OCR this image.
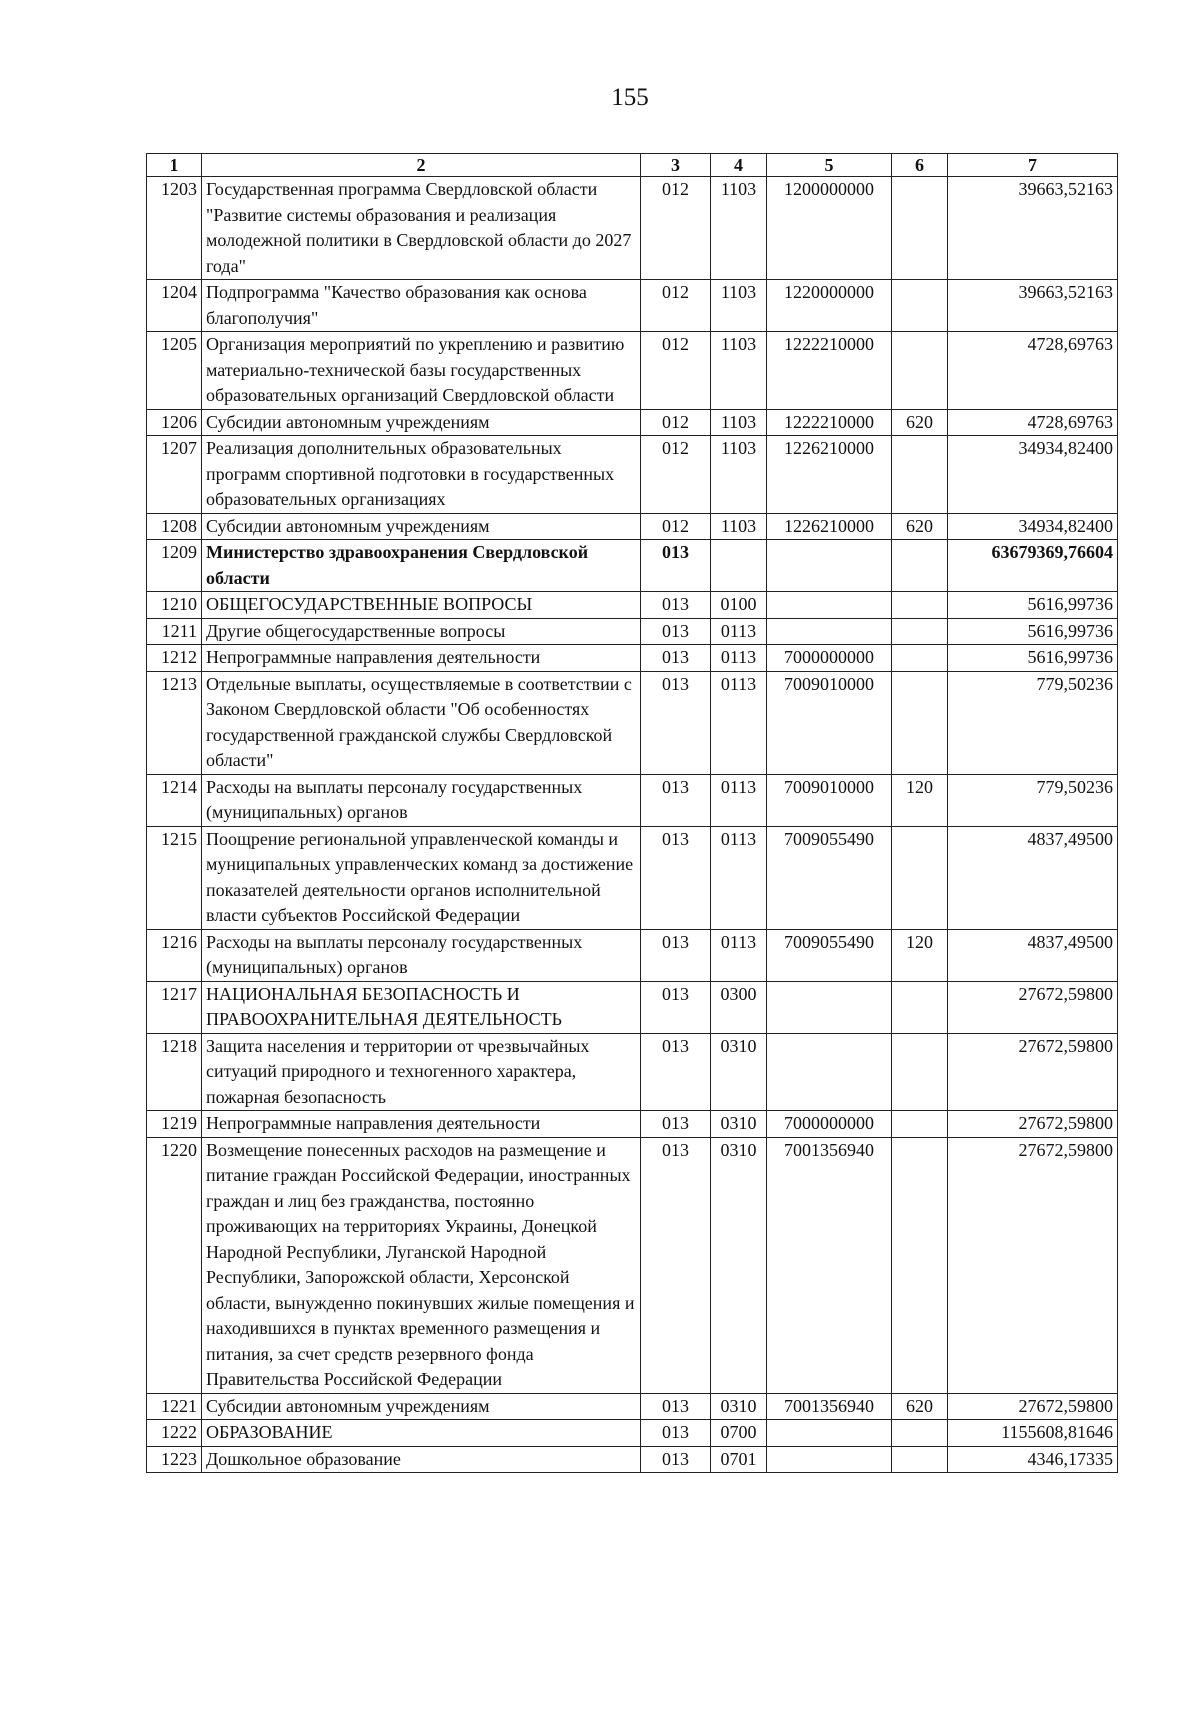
155
1	2	3	4	5	6	7
1203	Государственная программа Свердловской области "Развитие системы образования и реализация молодежной политики в Свердловской области до 2027 года"	012	1103	1200000000		39663,52163
1204	Подпрограмма "Качество образования как основа благополучия"	012	1103	1220000000		39663,52163
1205	Организация мероприятий по укреплению и развитию материально-технической базы государственных образовательных организаций Свердловской области	012	1103	1222210000		4728,69763
1206	Субсидии автономным учреждениям	012	1103	1222210000	620	4728,69763
1207	Реализация дополнительных образовательных программ спортивной подготовки в государственных образовательных организациях	012	1103	1226210000		34934,82400
1208	Субсидии автономным учреждениям	012	1103	1226210000	620	34934,82400
1209	Министерство здравоохранения Свердловской области	013				63679369,76604
1210	ОБЩЕГОСУДАРСТВЕННЫЕ ВОПРОСЫ	013	0100			5616,99736
1211	Другие общегосударственные вопросы	013	0113			5616,99736
1212	Непрограммные направления деятельности	013	0113	7000000000		5616,99736
1213	Отдельные выплаты, осуществляемые в соответствии с Законом Свердловской области "Об особенностях государственной гражданской службы Свердловской области"	013	0113	7009010000		779,50236
1214	Расходы на выплаты персоналу государственных (муниципальных) органов	013	0113	7009010000	120	779,50236
1215	Поощрение региональной управленческой команды и муниципальных управленческих команд за достижение показателей деятельности органов исполнительной власти субъектов Российской Федерации	013	0113	7009055490		4837,49500
1216	Расходы на выплаты персоналу государственных (муниципальных) органов	013	0113	7009055490	120	4837,49500
1217	НАЦИОНАЛЬНАЯ БЕЗОПАСНОСТЬ И ПРАВООХРАНИТЕЛЬНАЯ ДЕЯТЕЛЬНОСТЬ	013	0300			27672,59800
1218	Защита населения и территории от чрезвычайных ситуаций природного и техногенного характера, пожарная безопасность	013	0310			27672,59800
1219	Непрограммные направления деятельности	013	0310	7000000000		27672,59800
1220	Возмещение понесенных расходов на размещение и питание граждан Российской Федерации, иностранных граждан и лиц без гражданства, постоянно проживающих на территориях Украины, Донецкой Народной Республики, Луганской Народной Республики, Запорожской области, Херсонской области, вынужденно покинувших жилые помещения и находившихся в пунктах временного размещения и питания, за счет средств резервного фонда Правительства Российской Федерации	013	0310	7001356940		27672,59800
1221	Субсидии автономным учреждениям	013	0310	7001356940	620	27672,59800
1222	ОБРАЗОВАНИЕ	013	0700			1155608,81646
1223	Дошкольное образование	013	0701			4346,17335
